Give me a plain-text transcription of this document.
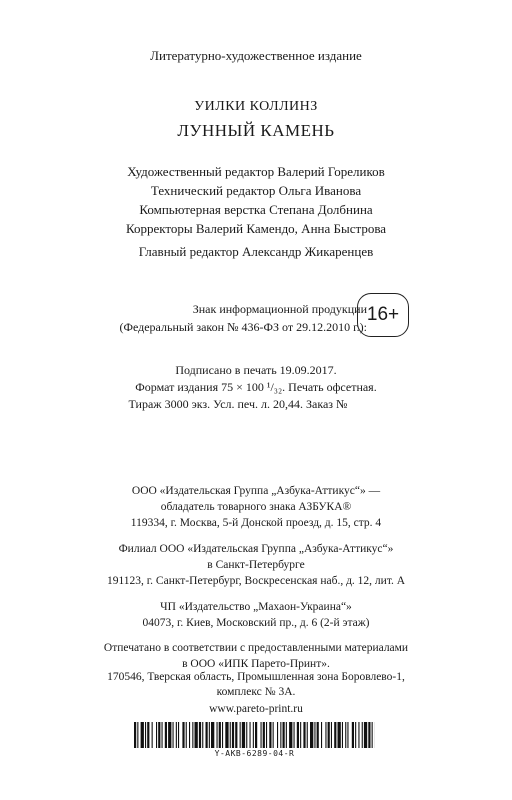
Литературно-художественное издание
УИЛКИ КОЛЛИНЗ
ЛУННЫЙ КАМЕНЬ
Художественный редактор Валерий Гореликов
Технический редактор Ольга Иванова
Компьютерная верстка Степана Долбнина
Корректоры Валерий Камендо, Анна Быстрова
Главный редактор Александр Жикаренцев
Знак информационной продукции
(Федеральный закон № 436-ФЗ от 29.12.2010 г.):
16+
Подписано в печать 19.09.2017.
Формат издания 75 × 100 ¹/₃₂. Печать офсетная.
Тираж 3000 экз. Усл. печ. л. 20,44. Заказ №
ООО «Издательская Группа „Азбука-Аттикус“» —
обладатель товарного знака АЗБУКА®
119334, г. Москва, 5-й Донской проезд, д. 15, стр. 4
Филиал ООО «Издательская Группа „Азбука-Аттикус“»
в Санкт-Петербурге
191123, г. Санкт-Петербург, Воскресенская наб., д. 12, лит. А
ЧП «Издательство „Махаон-Украина“»
04073, г. Киев, Московский пр., д. 6 (2-й этаж)
Отпечатано в соответствии с предоставленными материалами
в ООО «ИПК Парето-Принт».
170546, Тверская область, Промышленная зона Боровлево-1,
комплекс № 3А.
www.pareto-print.ru
Y-AKB-6289-04-R
